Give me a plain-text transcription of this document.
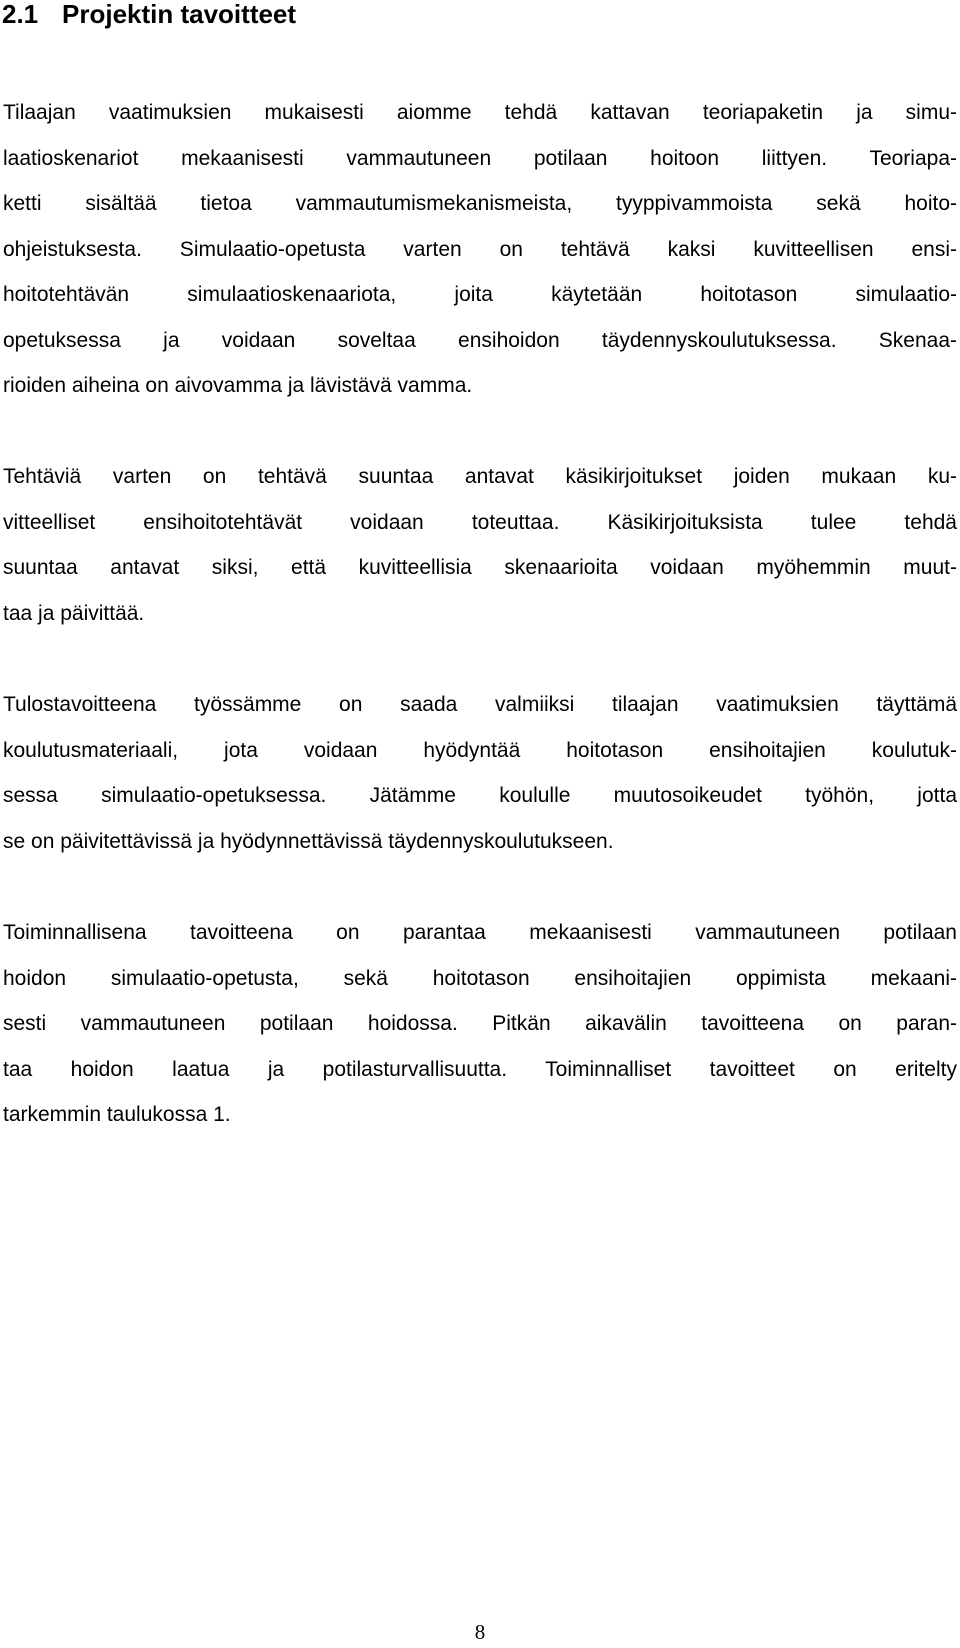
2.1 Projektin tavoitteet

Tilaajan vaatimuksien mukaisesti aiomme tehdä kattavan teoriapaketin ja simu-

laatioskenariot mekaanisesti vammautuneen potilaan hoitoon liittyen. Teoriapa-

ketti sisältää tietoa vammautumismekanismeista, tyyppivammoista sekä hoito-

ohjeistuksesta. Simulaatio-opetusta varten on tehtävä kaksi kuvitteellisen ensi-

hoitotehtävän simulaatioskenaariota, joita käytetään hoitotason simulaatio-

opetuksessa ja voidaan soveltaa ensihoidon täydennyskoulutuksessa. Skenaa-

rioiden aiheina on aivovamma ja lävistävä vamma.

Tehtäviä varten on tehtävä suuntaa antavat käsikirjoitukset joiden mukaan ku-

vitteelliset ensihoitotehtävät voidaan toteuttaa. Käsikirjoituksista tulee tehdä

suuntaa antavat siksi, että kuvitteellisia skenaarioita voidaan myöhemmin muut-

taa ja päivittää.

Tulostavoitteena työssämme on saada valmiiksi tilaajan vaatimuksien täyttämä

koulutusmateriaali, jota voidaan hyödyntää hoitotason ensihoitajien koulutuk-

sessa simulaatio-opetuksessa. Jätämme koululle muutosoikeudet työhön, jotta

se on päivitettävissä ja hyödynnettävissä täydennyskoulutukseen.

Toiminnallisena tavoitteena on parantaa mekaanisesti vammautuneen potilaan

hoidon simulaatio-opetusta, sekä hoitotason ensihoitajien oppimista mekaani-

sesti vammautuneen potilaan hoidossa. Pitkän aikavälin tavoitteena on paran-

taa hoidon laatua ja potilasturvallisuutta. Toiminnalliset tavoitteet on eritelty

tarkemmin taulukossa 1.

8
